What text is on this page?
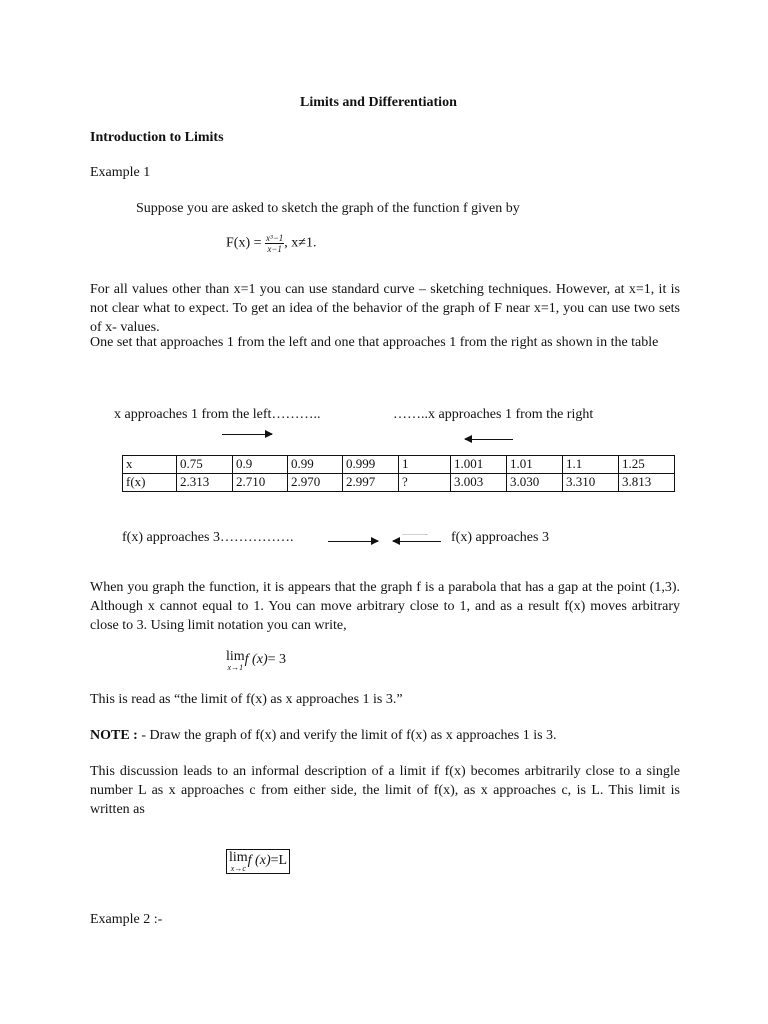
Limits and Differentiation
Introduction to Limits
Example 1
Suppose you are asked to sketch the graph of the function f given by
$F(x) = \frac{\text{x³−1}}{x-1}$ , x≠1.
For all values other than x=1 you can use standard curve – sketching techniques. However, at x=1, it is not clear what to expect. To get an idea of the behavior of the graph of F near x=1, you can use two sets of x- values.
One set that approaches 1 from the left and one that approaches 1 from the right as shown in the table
x approaches 1 from the left………..	……..x approaches 1 from the right
x	0.75	0.9	0.99	0.999	1	1.001	1.01	1.1	1.25
f(x)	2.313	2.710	2.970	2.997	?	3.003	3.030	3.310	3.813
f(x) approaches 3…………….	…………. f(x) approaches 3
When you graph the function, it is appears that the graph f is a parabola that has a gap at the point (1,3). Although x cannot equal to 1. You can move arbitrary close to 1, and as a result f(x) moves arbitrary close to 3. Using limit notation you can write,
lim
x→1
f (x)= 3
This is read as “the limit of f(x) as x approaches 1 is 3.”
NOTE : - Draw the graph of f(x) and verify the limit of f(x) as x approaches 1 is 3.
This discussion leads to an informal description of a limit if f(x) becomes arbitrarily close to a single number L as x approaches c from either side, the limit of f(x), as x approaches c, is L. This limit is written as
lim
x→c
f (x)=L
Example 2 :-
